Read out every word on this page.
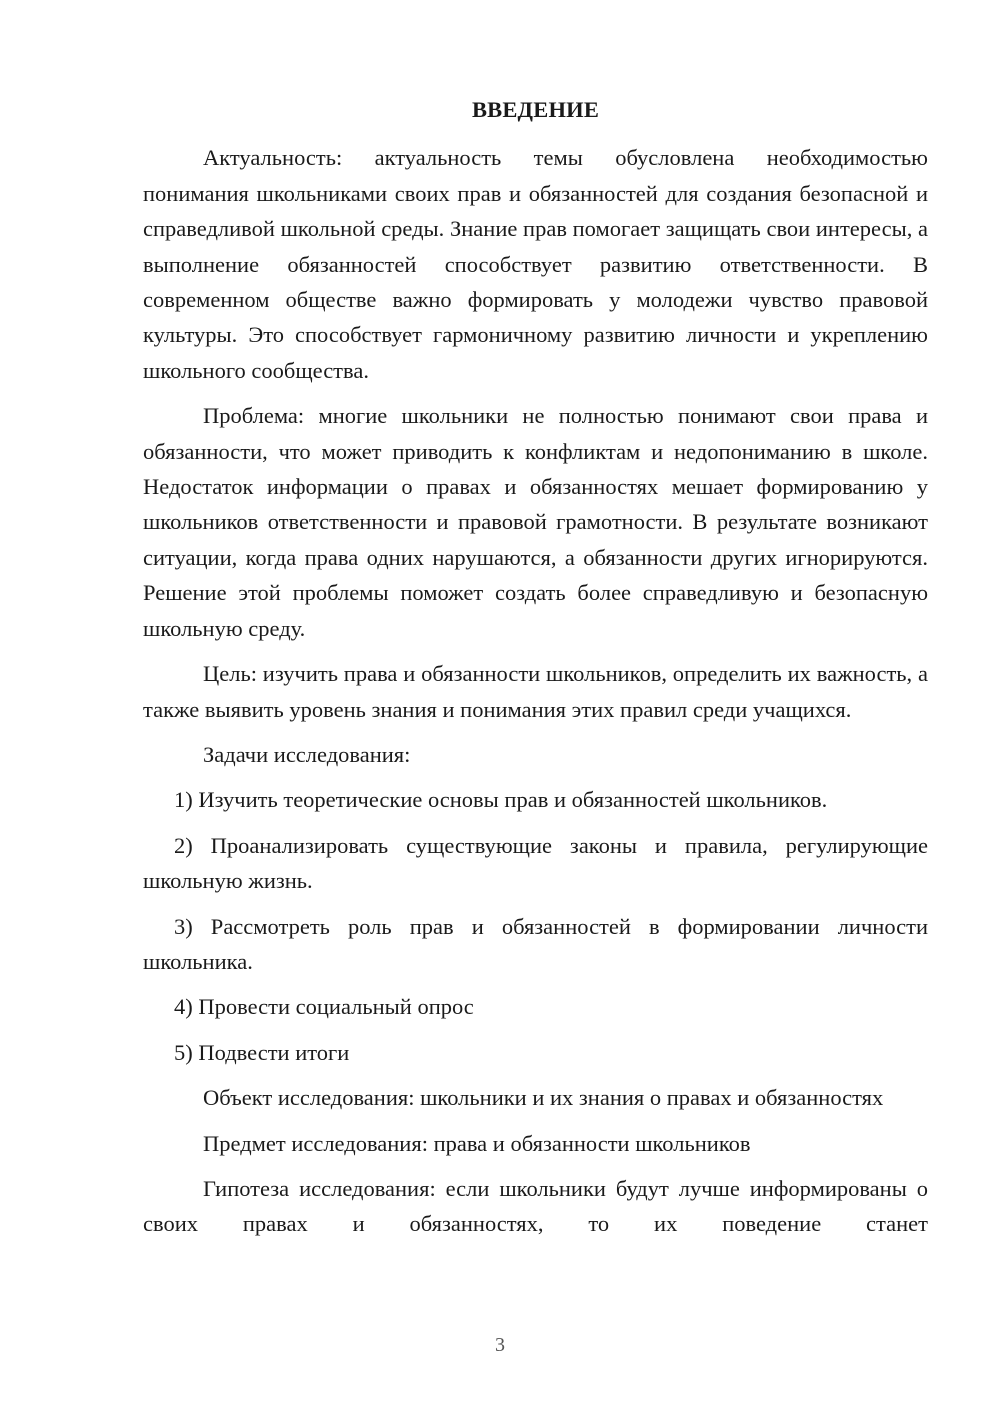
ВВЕДЕНИЕ

Актуальность: актуальность темы обусловлена необходимостью понимания школьниками своих прав и обязанностей для создания безопасной и справедливой школьной среды. Знание прав помогает защищать свои интересы, а выполнение обязанностей способствует развитию ответственности. В современном обществе важно формировать у молодежи чувство правовой культуры. Это способствует гармоничному развитию личности и укреплению школьного сообщества.

Проблема: многие школьники не полностью понимают свои права и обязанности, что может приводить к конфликтам и недопониманию в школе. Недостаток информации о правах и обязанностях мешает формированию у школьников ответственности и правовой грамотности. В результате возникают ситуации, когда права одних нарушаются, а обязанности других игнорируются. Решение этой проблемы поможет создать более справедливую и безопасную школьную среду.

Цель: изучить права и обязанности школьников, определить их важность, а также выявить уровень знания и понимания этих правил среди учащихся.

Задачи исследования:

1) Изучить теоретические основы прав и обязанностей школьников.

2) Проанализировать существующие законы и правила, регулирующие школьную жизнь.

3) Рассмотреть роль прав и обязанностей в формировании личности школьника.

4) Провести социальный опрос

5) Подвести итоги

Объект исследования: школьники и их знания о правах и обязанностях

Предмет исследования: права и обязанности школьников

Гипотеза исследования: если школьники будут лучше информированы о своих правах и обязанностях, то их поведение станет

3
